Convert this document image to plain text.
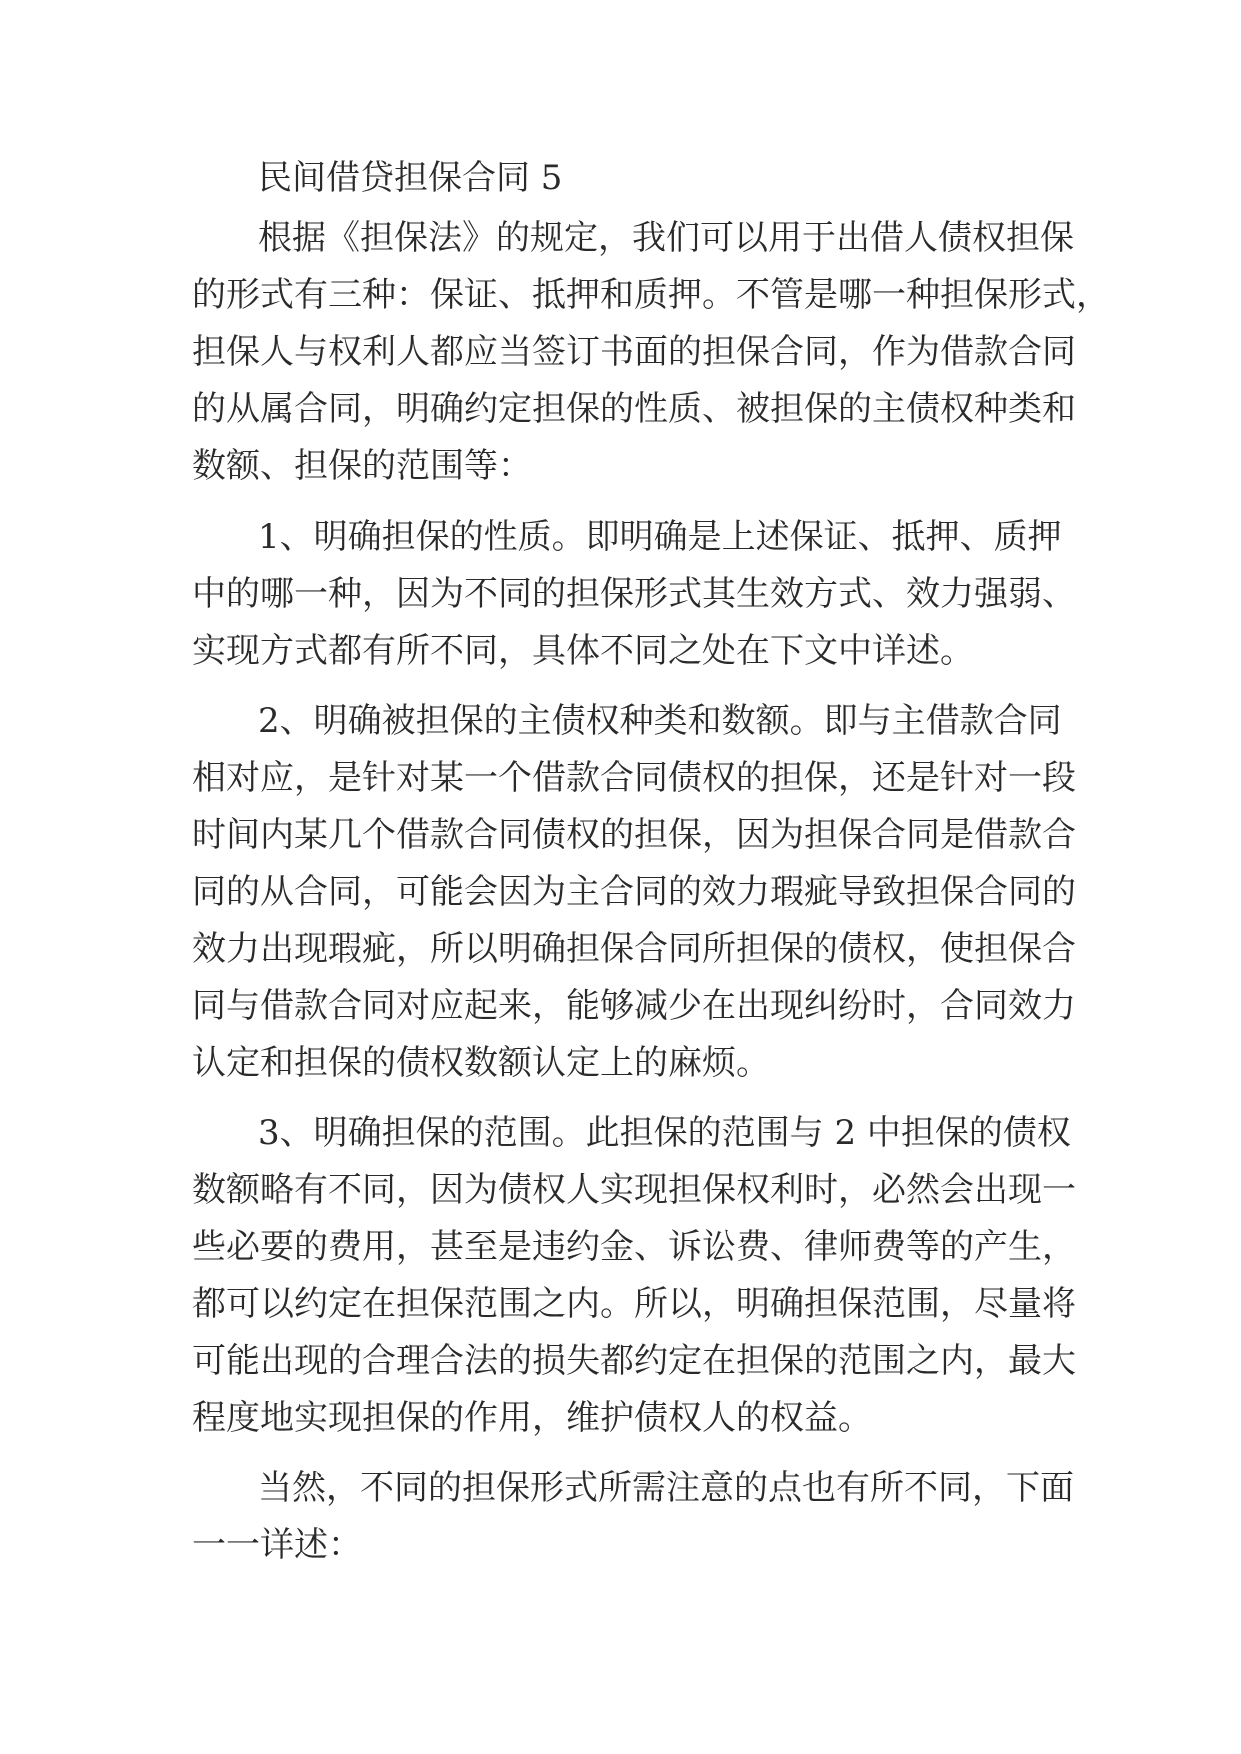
民间借贷担保合同 5
根据《担保法》的规定，我们可以用于出借人债权担保
的形式有三种：保证、抵押和质押。不管是哪一种担保形式，
担保人与权利人都应当签订书面的担保合同，作为借款合同
的从属合同，明确约定担保的性质、被担保的主债权种类和
数额、担保的范围等：
1、明确担保的性质。即明确是上述保证、抵押、质押
中的哪一种，因为不同的担保形式其生效方式、效力强弱、
实现方式都有所不同，具体不同之处在下文中详述。
2、明确被担保的主债权种类和数额。即与主借款合同
相对应，是针对某一个借款合同债权的担保，还是针对一段
时间内某几个借款合同债权的担保，因为担保合同是借款合
同的从合同，可能会因为主合同的效力瑕疵导致担保合同的
效力出现瑕疵，所以明确担保合同所担保的债权，使担保合
同与借款合同对应起来，能够减少在出现纠纷时，合同效力
认定和担保的债权数额认定上的麻烦。
3、明确担保的范围。此担保的范围与 2 中担保的债权
数额略有不同，因为债权人实现担保权利时，必然会出现一
些必要的费用，甚至是违约金、诉讼费、律师费等的产生，
都可以约定在担保范围之内。所以，明确担保范围，尽量将
可能出现的合理合法的损失都约定在担保的范围之内，最大
程度地实现担保的作用，维护债权人的权益。
当然，不同的担保形式所需注意的点也有所不同，下面
一一详述：
